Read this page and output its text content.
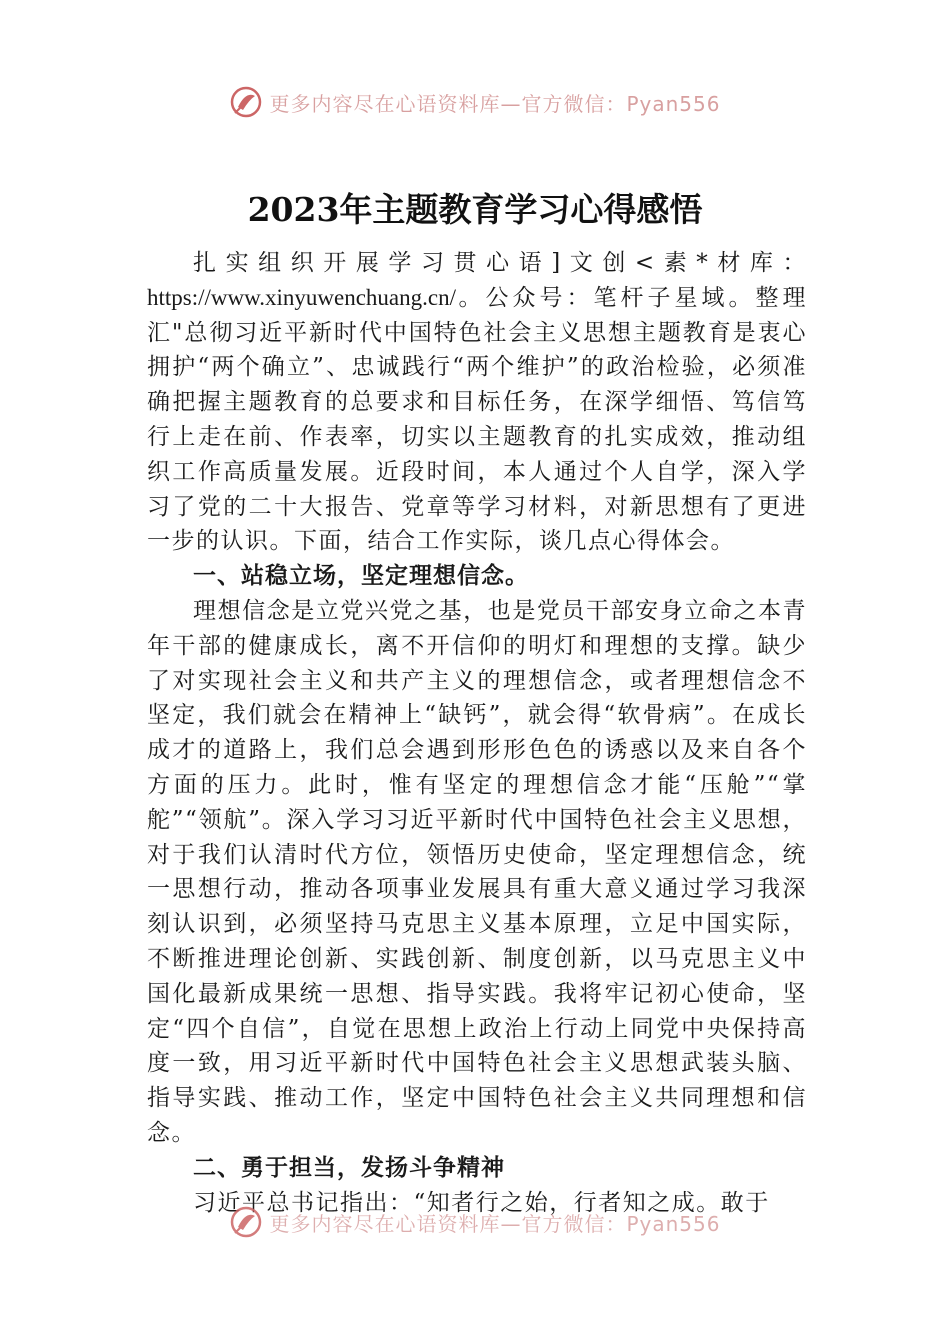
更多内容尽在心语资料库—官方微信：Pyan556
2023年主题教育学习心得感悟

扎实组织开展学习贯心语]文创<素*材库：https://www.xinyuwenchuang.cn/。公众号：笔杆子星域。整理汇"总彻习近平新时代中国特色社会主义思想主题教育是衷心拥护“两个确立”、忠诚践行“两个维护”的政治检验，必须准确把握主题教育的总要求和目标任务，在深学细悟、笃信笃行上走在前、作表率，切实以主题教育的扎实成效，推动组织工作高质量发展。近段时间，本人通过个人自学，深入学习了党的二十大报告、党章等学习材料，对新思想有了更进一步的认识。下面，结合工作实际，谈几点心得体会。

一、站稳立场，坚定理想信念。

理想信念是立党兴党之基，也是党员干部安身立命之本青年干部的健康成长，离不开信仰的明灯和理想的支撑。缺少了对实现社会主义和共产主义的理想信念，或者理想信念不坚定，我们就会在精神上“缺钙”，就会得“软骨病”。在成长成才的道路上，我们总会遇到形形色色的诱惑以及来自各个方面的压力。此时，惟有坚定的理想信念才能“压舱”“掌舵”“领航”。深入学习习近平新时代中国特色社会主义思想，对于我们认清时代方位，领悟历史使命，坚定理想信念，统一思想行动，推动各项事业发展具有重大意义通过学习我深刻认识到，必须坚持马克思主义基本原理，立足中国实际，不断推进理论创新、实践创新、制度创新，以马克思主义中国化最新成果统一思想、指导实践。我将牢记初心使命，坚定“四个自信”，自觉在思想上政治上行动上同党中央保持高度一致，用习近平新时代中国特色社会主义思想武装头脑、指导实践、推动工作，坚定中国特色社会主义共同理想和信念。

二、勇于担当，发扬斗争精神

习近平总书记指出：“知者行之始，行者知之成。敢于

更多内容尽在心语资料库—官方微信：Pyan556
